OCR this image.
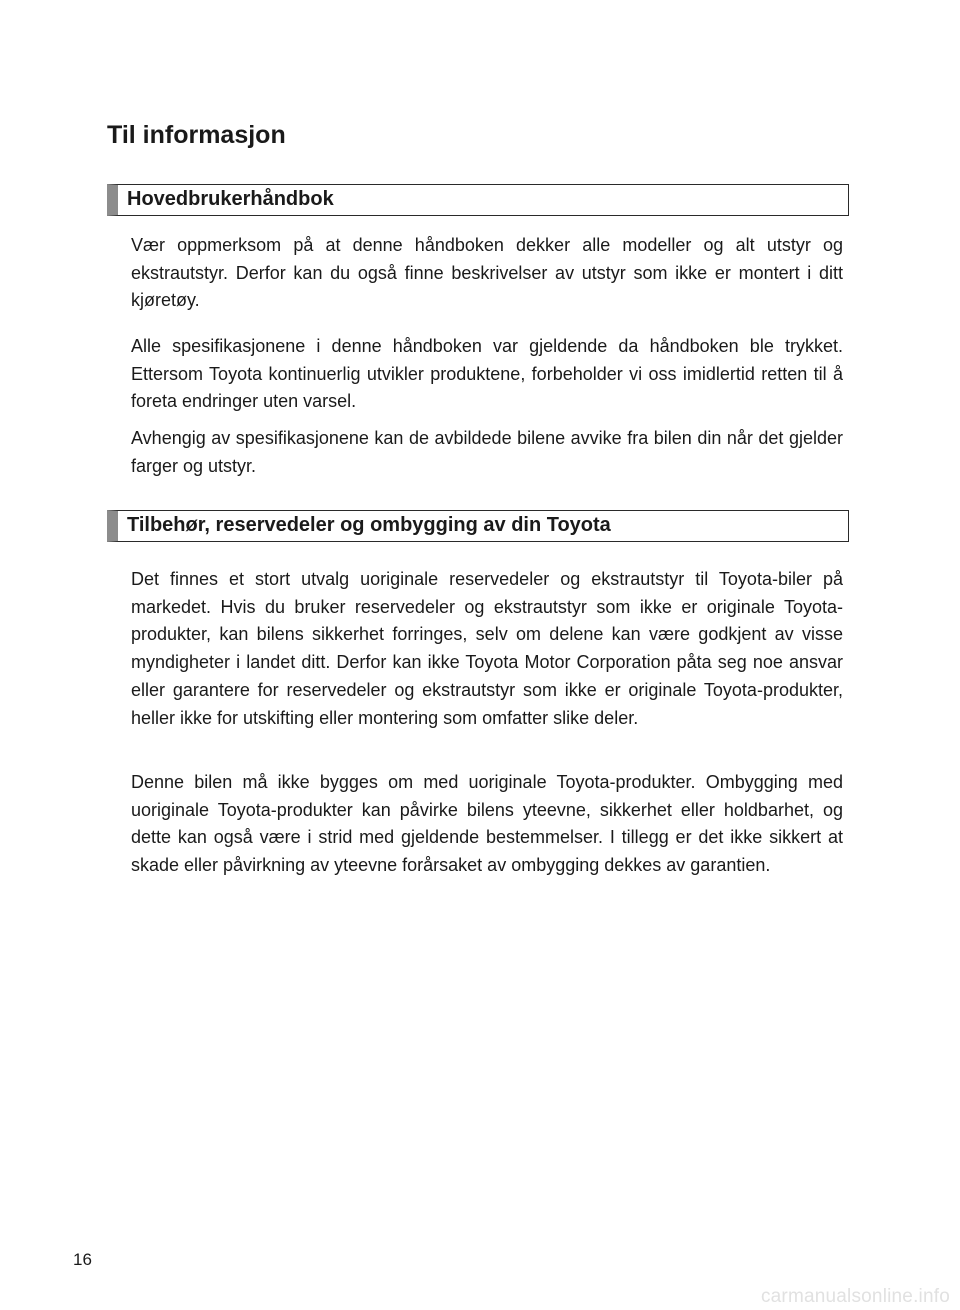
Til informasjon
Hovedbrukerhåndbok

Vær oppmerksom på at denne håndboken dekker alle modeller og alt utstyr og ekstrautstyr. Derfor kan du også finne beskrivelser av utstyr som ikke er montert i ditt kjøretøy.

Alle spesifikasjonene i denne håndboken var gjeldende da håndboken ble trykket. Ettersom Toyota kontinuerlig utvikler produktene, forbeholder vi oss imidlertid retten til å foreta endringer uten varsel.

Avhengig av spesifikasjonene kan de avbildede bilene avvike fra bilen din når det gjelder farger og utstyr.

Tilbehør, reservedeler og ombygging av din Toyota

Det finnes et stort utvalg uoriginale reservedeler og ekstrautstyr til Toyota-biler på markedet. Hvis du bruker reservedeler og ekstrautstyr som ikke er originale Toyota-produkter, kan bilens sikkerhet forringes, selv om delene kan være godkjent av visse myndigheter i landet ditt. Derfor kan ikke Toyota Motor Corporation påta seg noe ansvar eller garantere for reservedeler og ekstrautstyr som ikke er originale Toyota-produkter, heller ikke for utskifting eller montering som omfatter slike deler.

Denne bilen må ikke bygges om med uoriginale Toyota-produkter. Ombygging med uoriginale Toyota-produkter kan påvirke bilens yteevne, sikkerhet eller holdbarhet, og dette kan også være i strid med gjeldende bestemmelser. I tillegg er det ikke sikkert at skade eller påvirkning av yteevne forårsaket av ombygging dekkes av garantien.

16
carmanualsonline.info
